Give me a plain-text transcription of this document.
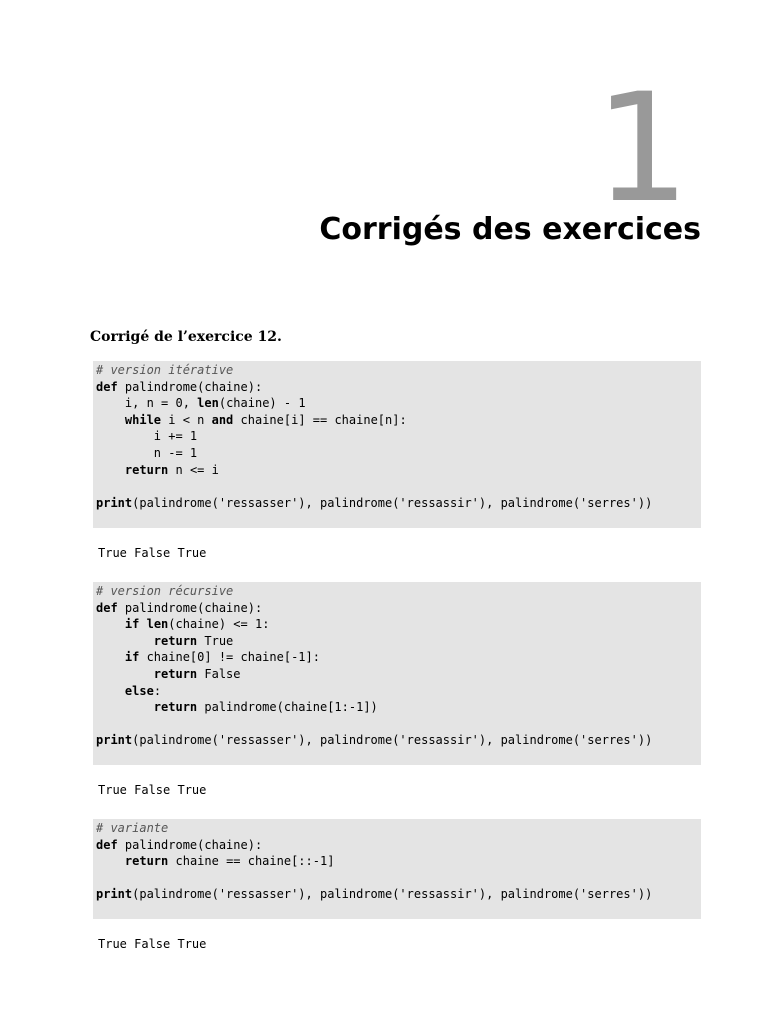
1
Corrigés des exercices
Corrigé de l’exercice 12.
# version itérative
def palindrome(chaine):
i, n = 0, len(chaine) - 1
while i < n and chaine[i] == chaine[n]:
i += 1
n -= 1
return n <= i

print(palindrome('ressasser'), palindrome('ressassir'), palindrome('serres'))
True False True
# version récursive
def palindrome(chaine):
if len(chaine) <= 1:
return True
if chaine[0] != chaine[-1]:
return False
else:
return palindrome(chaine[1:-1])

print(palindrome('ressasser'), palindrome('ressassir'), palindrome('serres'))
True False True
# variante
def palindrome(chaine):
return chaine == chaine[::-1]

print(palindrome('ressasser'), palindrome('ressassir'), palindrome('serres'))
True False True
